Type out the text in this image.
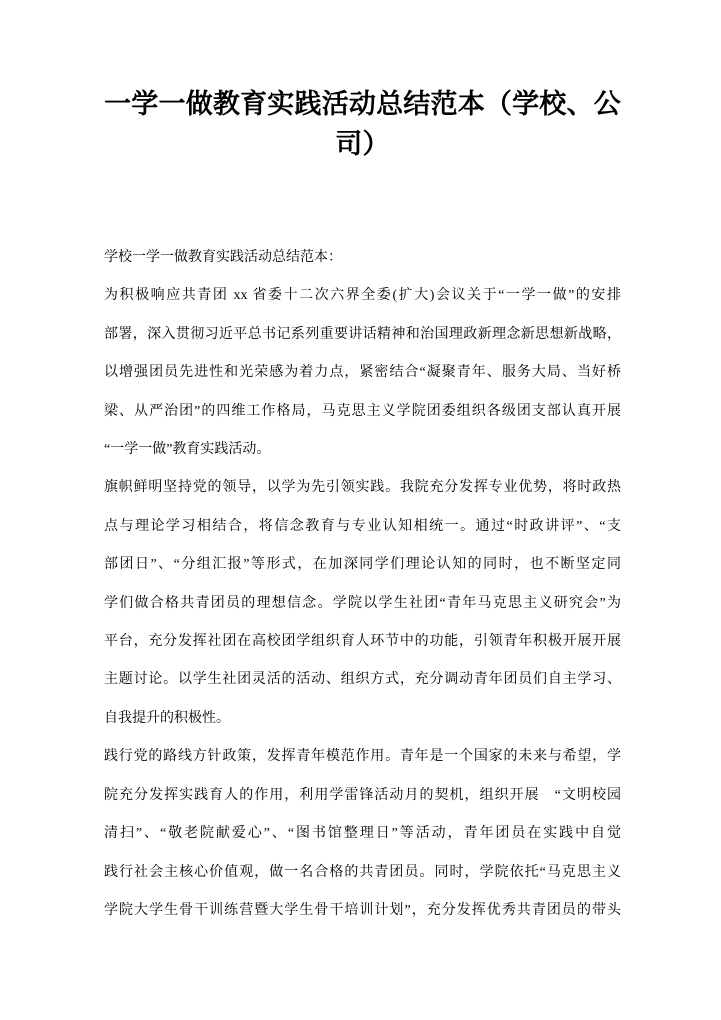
一学一做教育实践活动总结范本（学校、公司）
学校一学一做教育实践活动总结范本：
为积极响应共青团 xx 省委十二次六界全委(扩大)会议关于“一学一做”的安排
部署，深入贯彻习近平总书记系列重要讲话精神和治国理政新理念新思想新战略，
以增强团员先进性和光荣感为着力点，紧密结合“凝聚青年、服务大局、当好桥
梁、从严治团”的四维工作格局，马克思主义学院团委组织各级团支部认真开展
“一学一做”教育实践活动。
旗帜鲜明坚持党的领导，以学为先引领实践。我院充分发挥专业优势，将时政热
点与理论学习相结合，将信念教育与专业认知相统一。通过“时政讲评”、“支
部团日”、“分组汇报”等形式，在加深同学们理论认知的同时，也不断坚定同
学们做合格共青团员的理想信念。学院以学生社团“青年马克思主义研究会”为
平台，充分发挥社团在高校团学组织育人环节中的功能，引领青年积极开展开展
主题讨论。以学生社团灵活的活动、组织方式，充分调动青年团员们自主学习、
自我提升的积极性。
践行党的路线方针政策，发挥青年模范作用。青年是一个国家的未来与希望，学
院充分发挥实践育人的作用，利用学雷锋活动月的契机，组织开展　“文明校园
清扫”、“敬老院献爱心”、“图书馆整理日”等活动，青年团员在实践中自觉
践行社会主核心价值观，做一名合格的共青团员。同时，学院依托“马克思主义
学院大学生骨干训练营暨大学生骨干培训计划”，充分发挥优秀共青团员的带头
